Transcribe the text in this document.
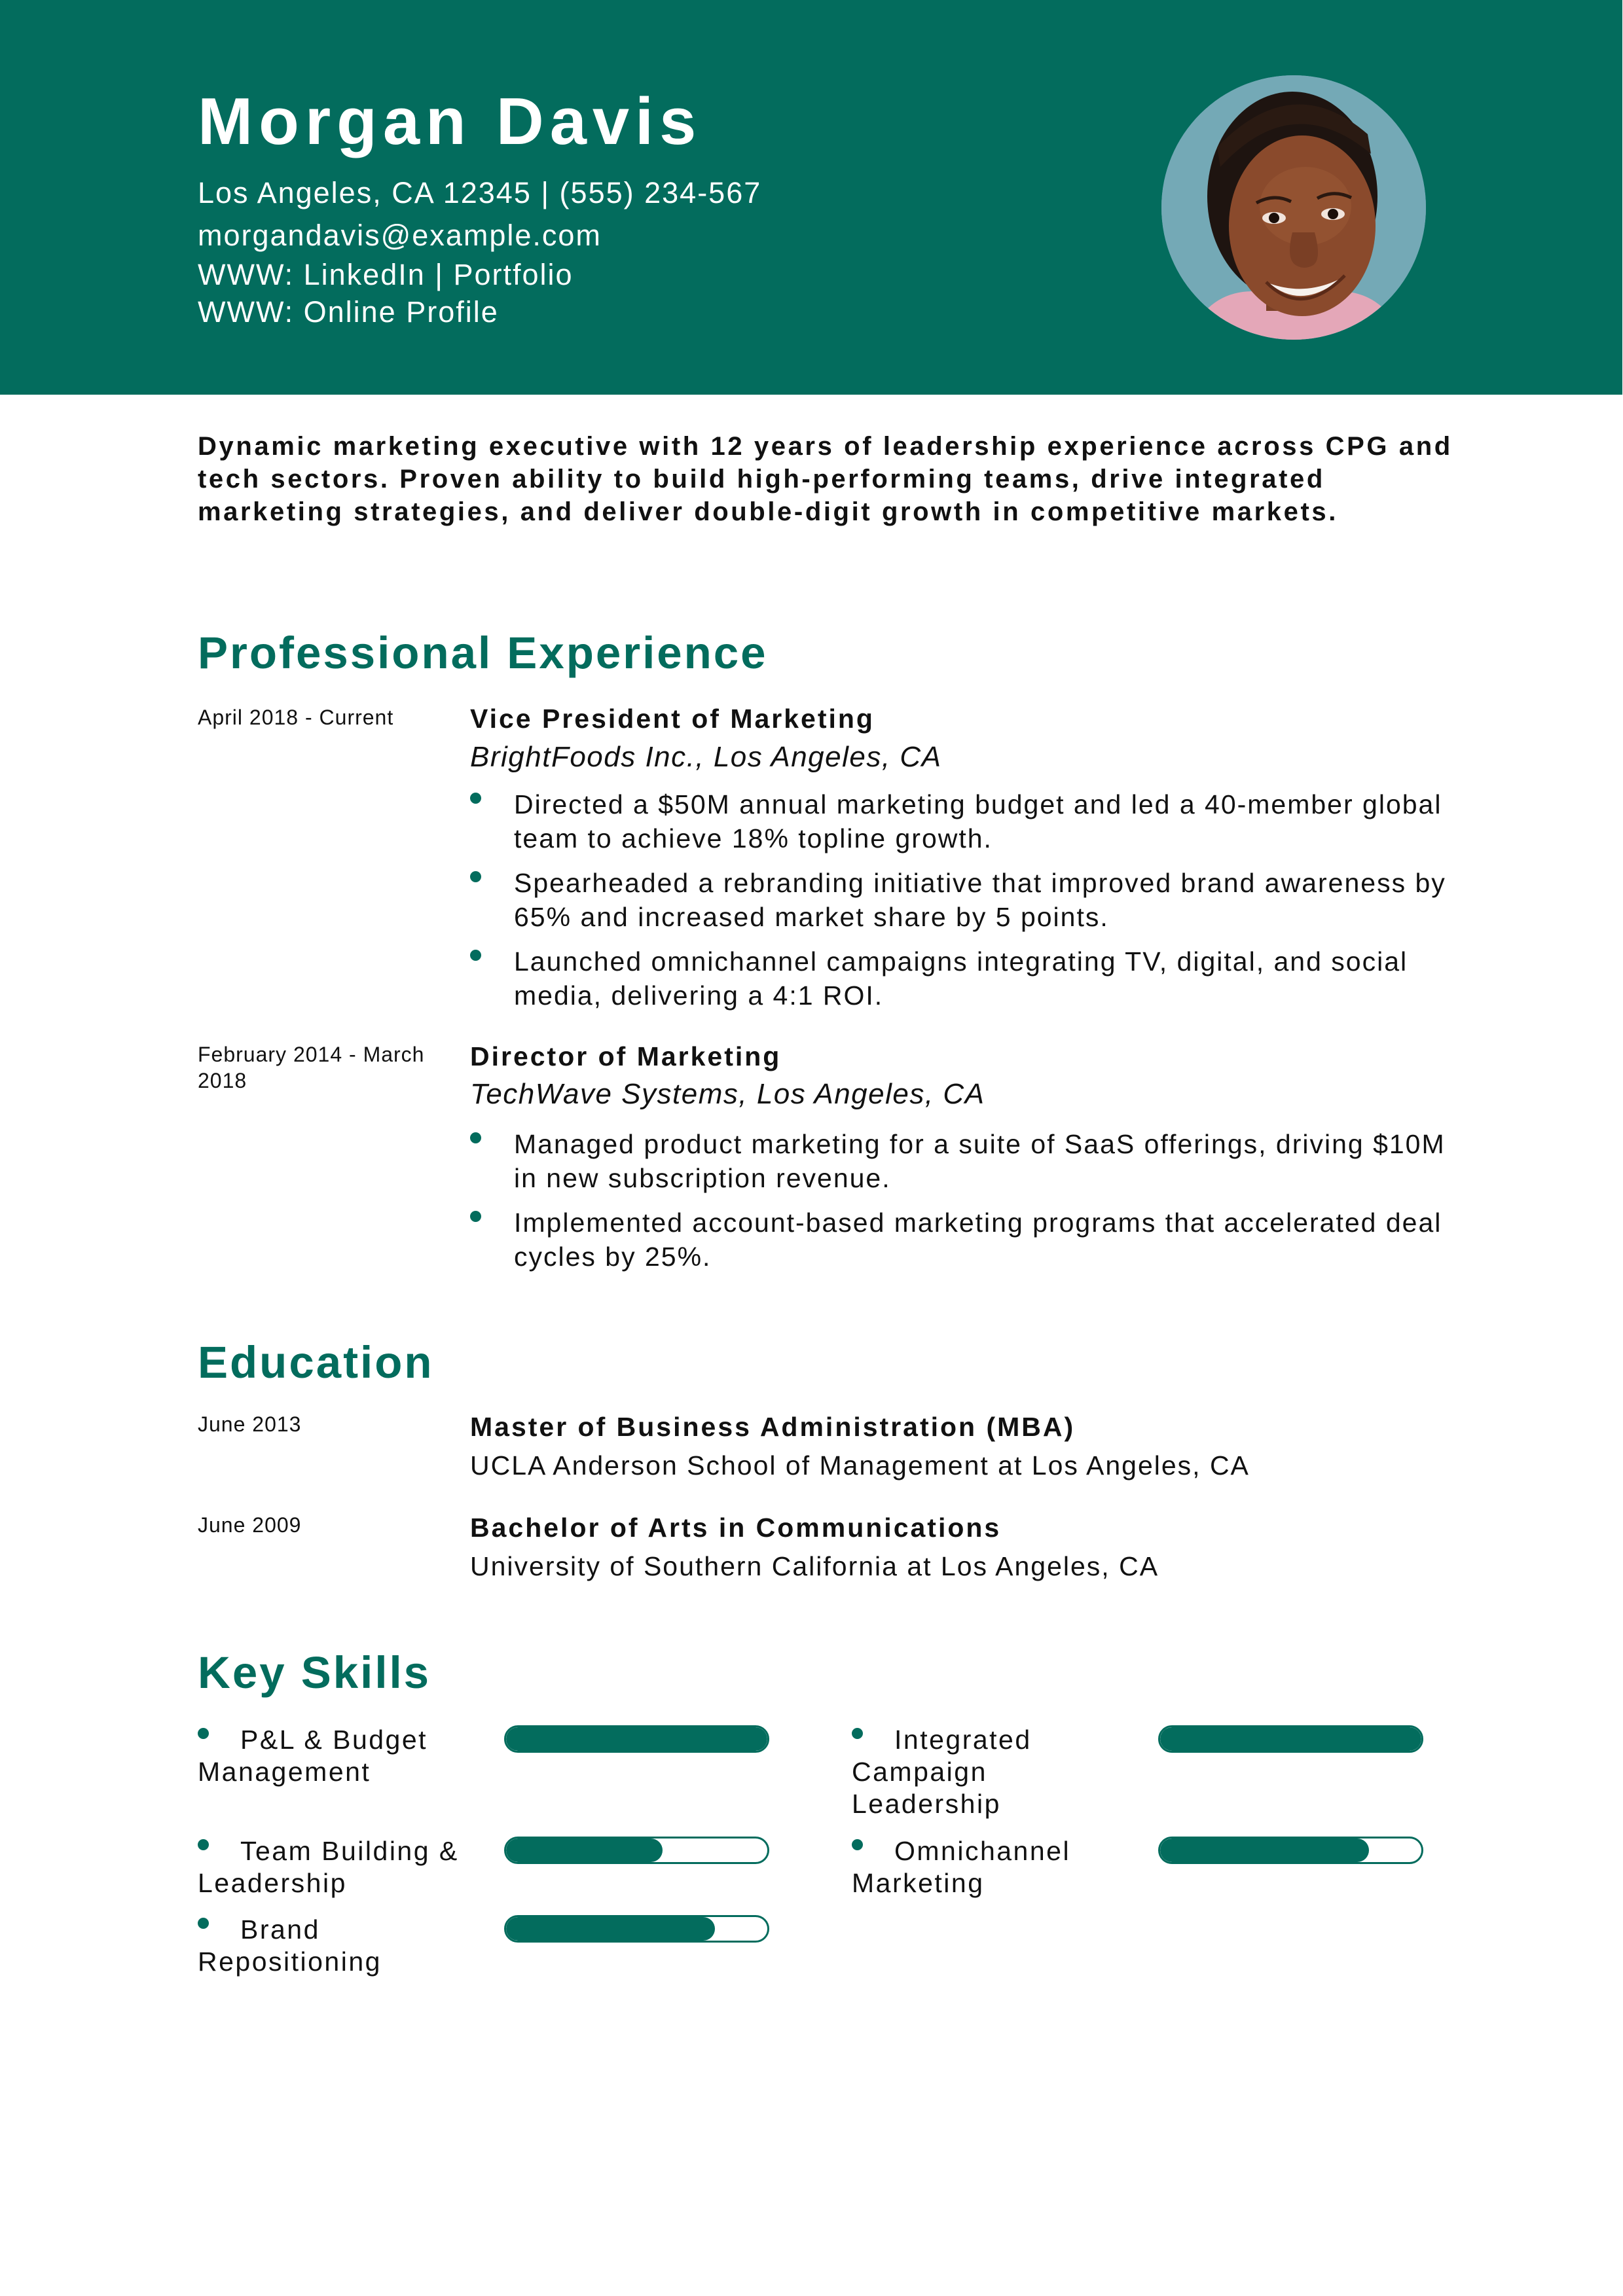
Morgan Davis
Los Angeles, CA 12345 | (555) 234-567
morgandavis@example.com
WWW: LinkedIn | Portfolio
WWW: Online Profile
Dynamic marketing executive with 12 years of leadership experience across CPG and tech sectors. Proven ability to build high-performing teams, drive integrated marketing strategies, and deliver double-digit growth in competitive markets.
Professional Experience
April 2018 - Current	Vice President of Marketing
BrightFoods Inc., Los Angeles, CA
Directed a $50M annual marketing budget and led a 40-member global team to achieve 18% topline growth.
Spearheaded a rebranding initiative that improved brand awareness by 65% and increased market share by 5 points.
Launched omnichannel campaigns integrating TV, digital, and social media, delivering a 4:1 ROI.
February 2014 - March 2018
Director of Marketing
TechWave Systems, Los Angeles, CA
Managed product marketing for a suite of SaaS offerings, driving $10M in new subscription revenue.
Implemented account-based marketing programs that accelerated deal cycles by 25%.
Education
June 2013	Master of Business Administration (MBA)
UCLA Anderson School of Management at Los Angeles, CA
June 2009	Bachelor of Arts in Communications
University of Southern California at Los Angeles, CA
Key Skills
P&L & Budget Management
Integrated Campaign Leadership
Team Building & Leadership
Omnichannel Marketing
Brand Repositioning
